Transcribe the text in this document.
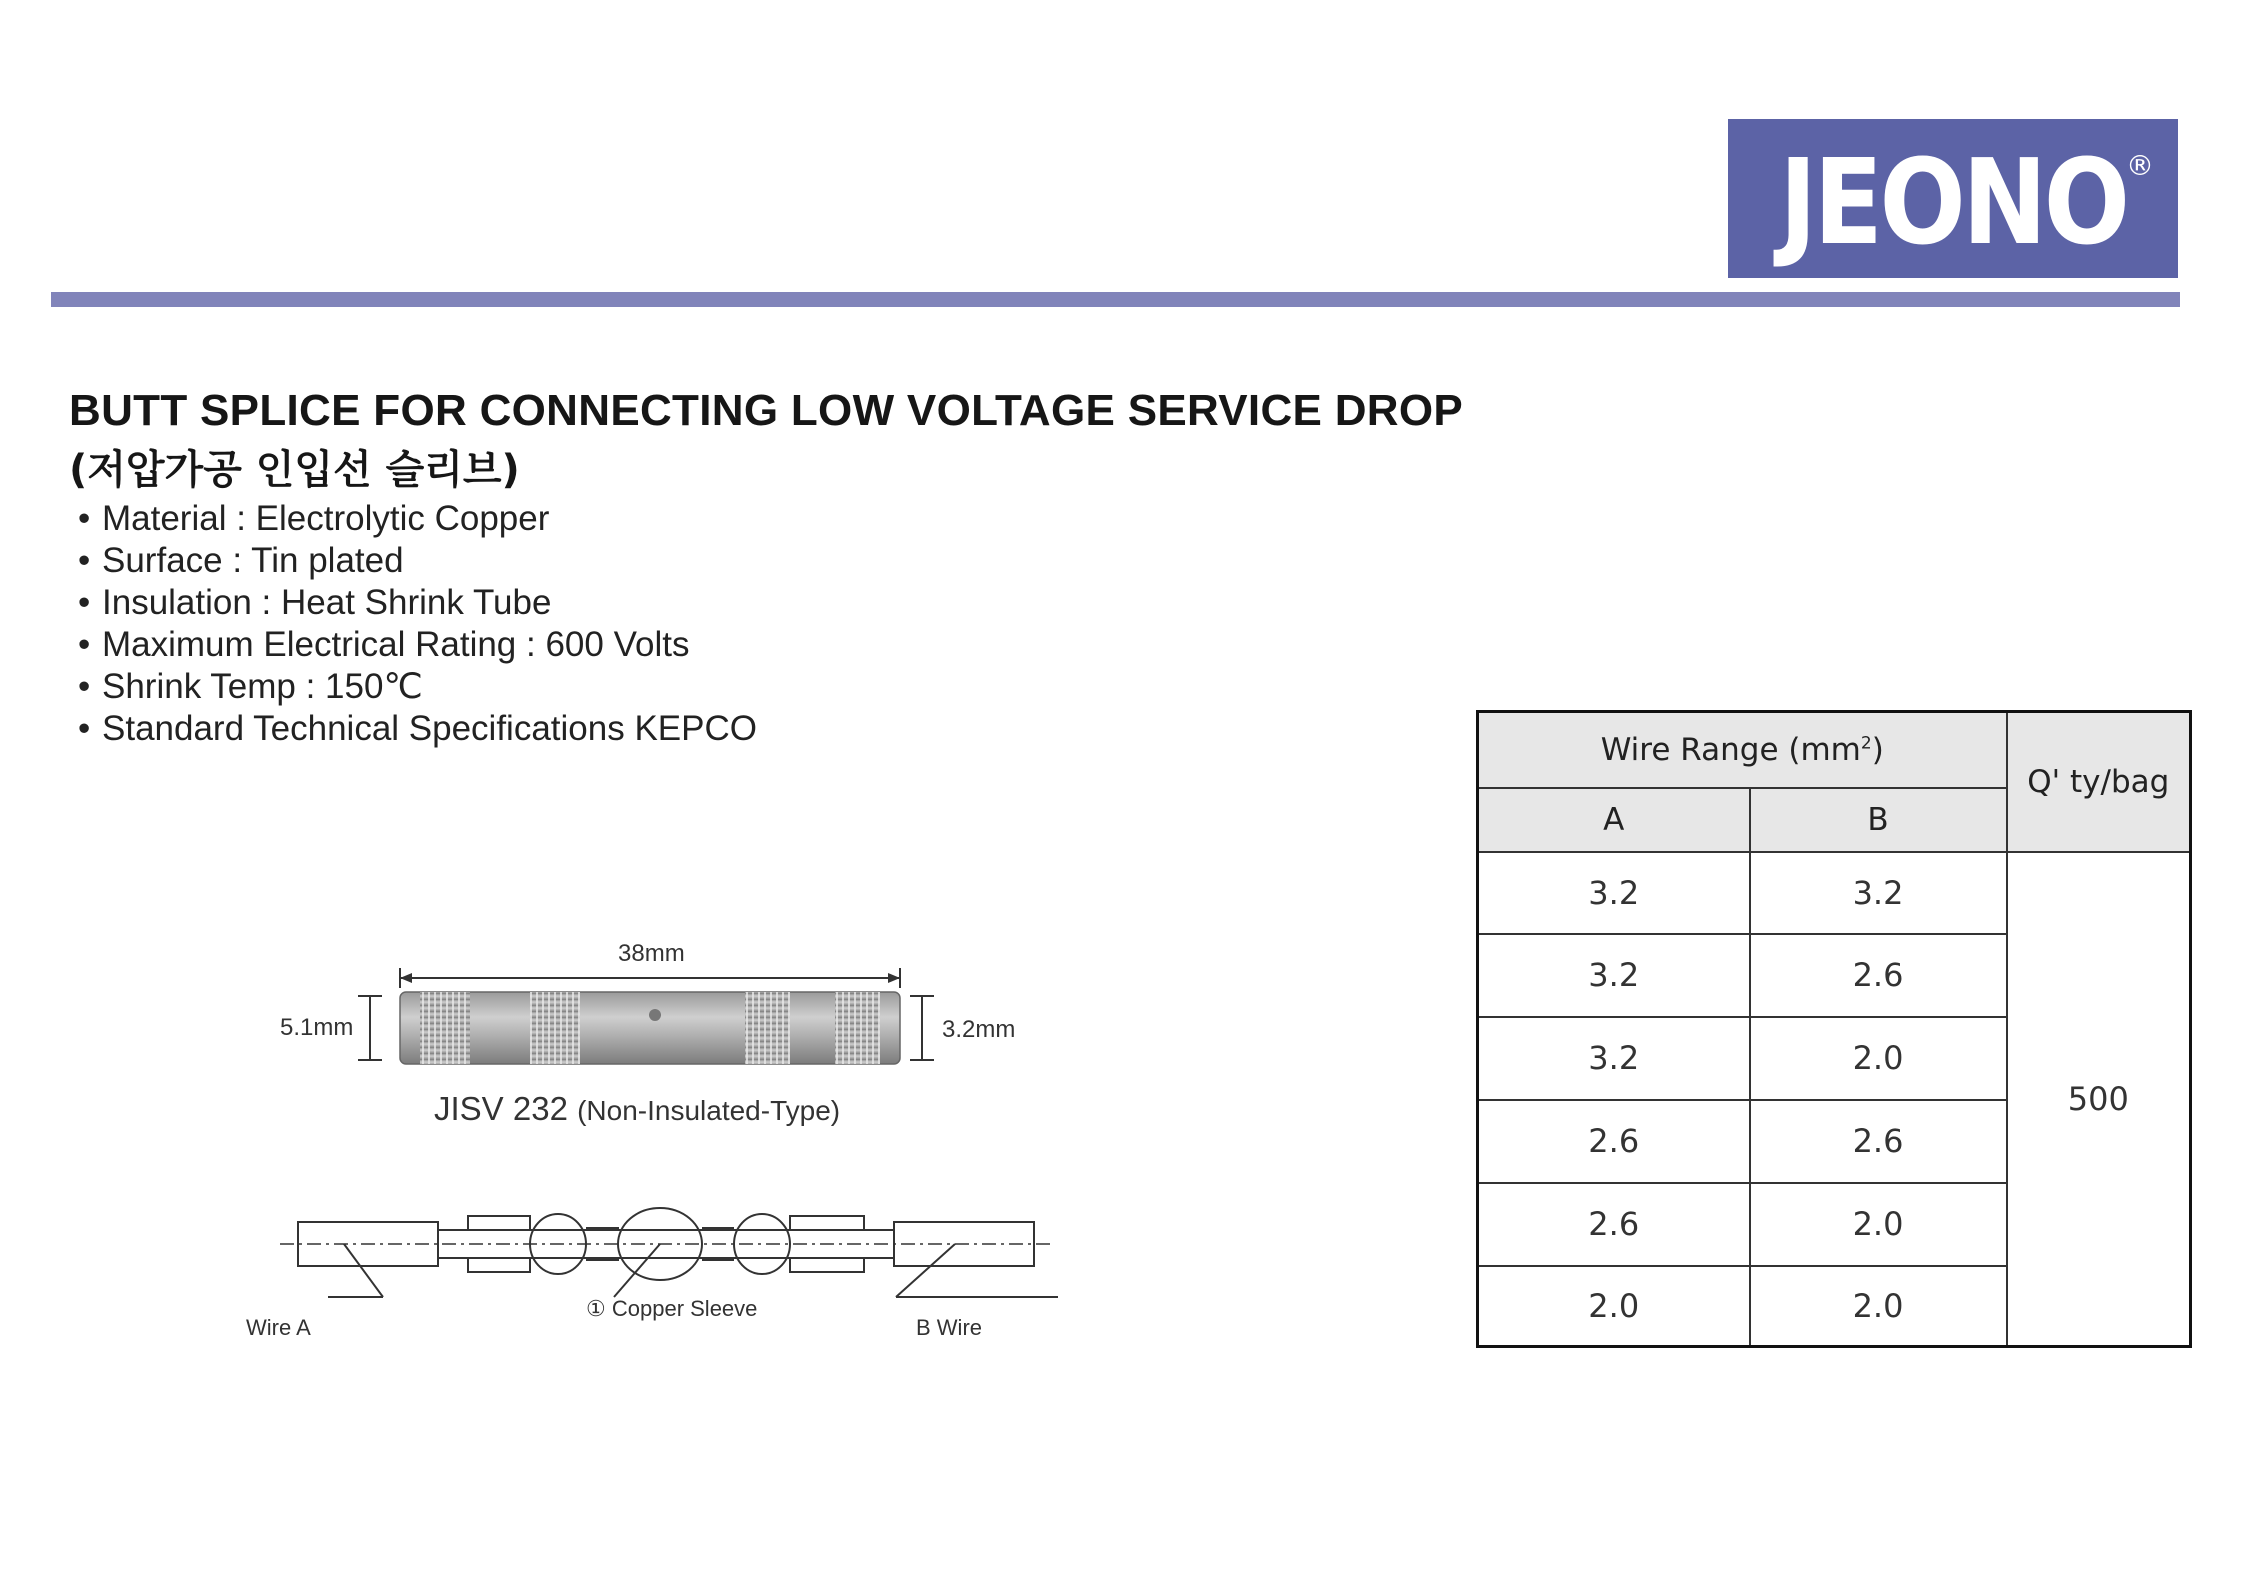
JEONO ®
BUTT SPLICE FOR CONNECTING LOW VOLTAGE SERVICE DROP
(저압가공 인입선 슬리브)
• Material : Electrolytic Copper
• Surface : Tin plated
• Insulation : Heat Shrink Tube
• Maximum Electrical Rating : 600 Volts
• Shrink Temp : 150℃
• Standard Technical Specifications KEPCO
38mm
5.1mm	3.2mm
JISV 232 (Non-Insulated-Type)
Wire A
① Copper Sleeve
B Wire
Wire Range $(mm^2)$		Q' ty/bag
A	B	
3.2	3.2	500
3.2	2.6	
3.2	2.0	
2.6	2.6	
2.6	2.0	
2.0	2.0	
